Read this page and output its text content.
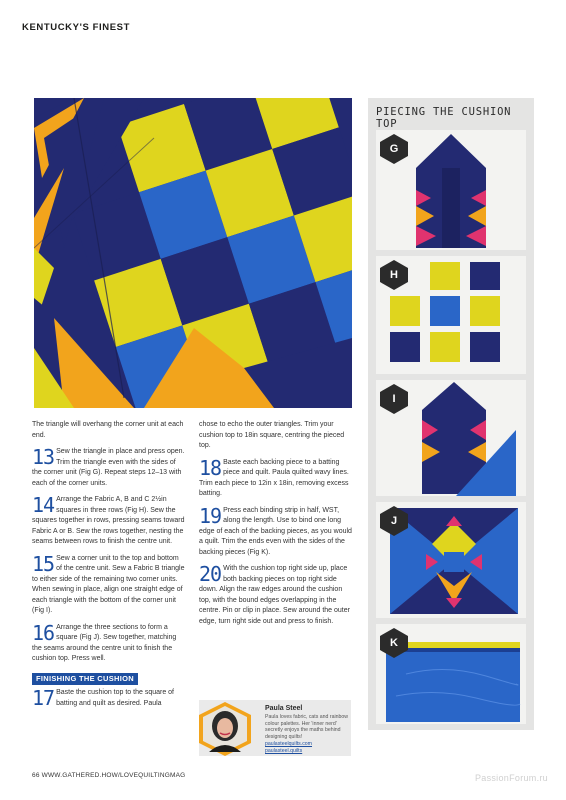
KENTUCKY'S FINEST
PIECING THE CUSHION TOP
G
H
I
J
K

The triangle will overhang the corner unit at each end.

13 Sew the triangle in place and press open. Trim the triangle even with the sides of the corner unit (Fig G). Repeat steps 12–13 with each of the corner units.

14 Arrange the Fabric A, B and C 2½in squares in three rows (Fig H). Sew the squares together in rows, pressing seams toward Fabric A or B. Sew the rows together, nesting the seams between rows to finish the centre unit.

15 Sew a corner unit to the top and bottom of the centre unit. Sew a Fabric B triangle to either side of the remaining two corner units. When sewing in place, align one straight edge of each triangle with the bottom of the corner unit (Fig I).

16 Arrange the three sections to form a square (Fig J). Sew together, matching the seams around the centre unit to finish the cushion top. Press well.

FINISHING THE CUSHION
17 Baste the cushion top to the square of batting and quilt as desired. Paula

chose to echo the outer triangles. Trim your cushion top to 18in square, centring the pieced top.

18 Baste each backing piece to a batting piece and quilt. Paula quilted wavy lines. Trim each piece to 12in x 18in, removing excess batting.

19 Press each binding strip in half, WST, along the length. Use to bind one long edge of each of the backing pieces, as you would a quilt. Trim the ends even with the sides of the backing pieces (Fig K).

20 With the cushion top right side up, place both backing pieces on top right side down. Align the raw edges around the cushion top, with the bound edges overlapping in the centre. Pin or clip in place. Sew around the outer edge, turn right side out and press to finish.

Paula Steel
Paula loves fabric, cats and rainbow colour palettes. Her 'inner nerd' secretly enjoys the maths behind designing quilts!
paulasteelquilts.com
paulasteel.quilts
66 WWW.GATHERED.HOW/LOVEQUILTINGMAG	PassionForum.ru
